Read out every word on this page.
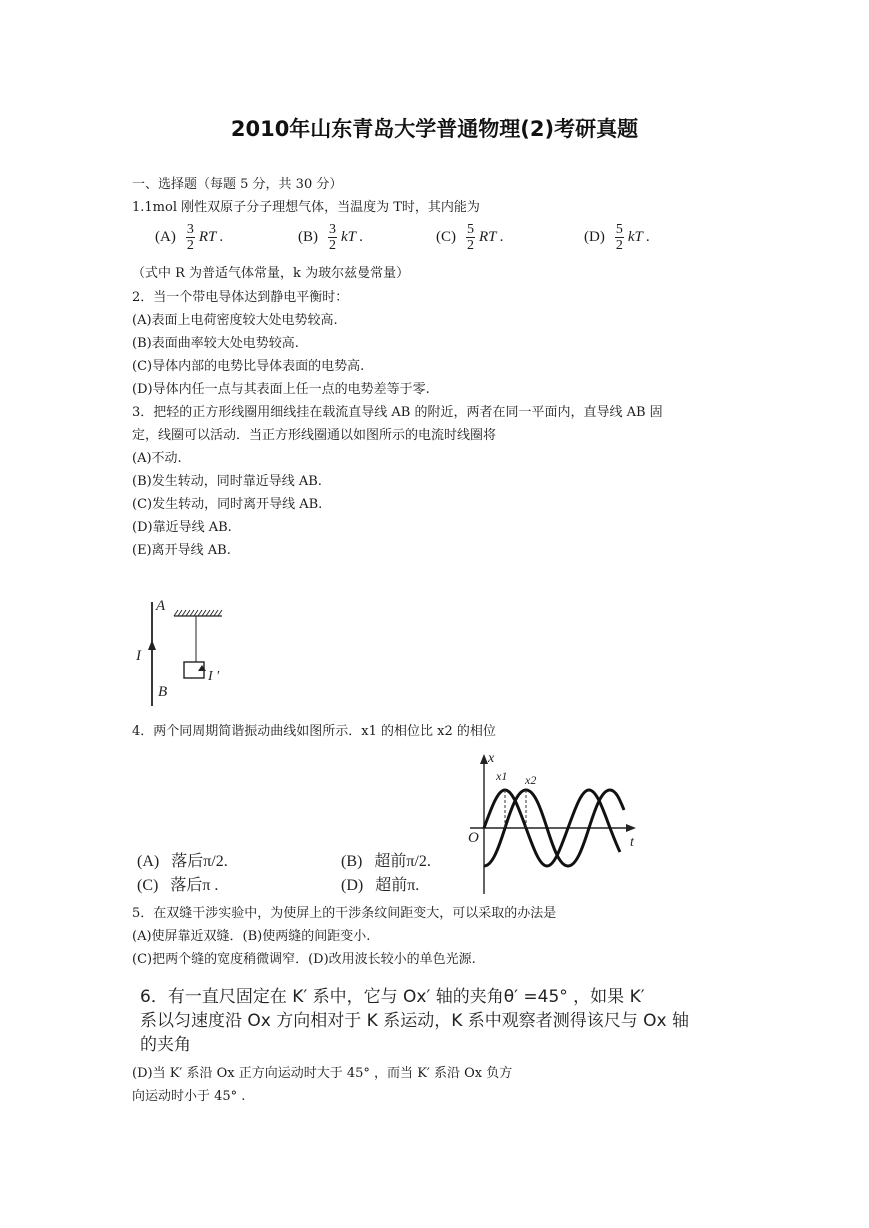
2010年山东青岛大学普通物理(2)考研真题
一、选择题（每题 5 分，共 30 分）
1.1mol 刚性双原子分子理想气体，当温度为 T时，其内能为
$(A) \frac{3}{2}$ RT .	$(B) \frac{3}{2}$ kT .	$(C) \frac{5}{2}$ RT .	$(D) \frac{5}{2}$ kT .
（式中 R 为普适气体常量，k 为玻尔兹曼常量）
2．当一个带电导体达到静电平衡时：
(A)表面上电荷密度较大处电势较高.
(B)表面曲率较大处电势较高.
(C)导体内部的电势比导体表面的电势高.
(D)导体内任一点与其表面上任一点的电势差等于零.
3．把轻的正方形线圈用细线挂在载流直导线 AB 的附近，两者在同一平面内，直导线 AB 固
定，线圈可以活动．当正方形线圈通以如图所示的电流时线圈将
(A)不动.
(B)发生转动，同时靠近导线 AB.
(C)发生转动，同时离开导线 AB.
(D)靠近导线 AB.
(E)离开导线 AB.
A
I
I ′
B
4．两个同周期简谐振动曲线如图所示．x1 的相位比 x2 的相位
(A) 落后π/2.	(B) 超前π/2.
(C) 落后π .	(D) 超前π.
x
t
O
x1 x2
5．在双缝干涉实验中，为使屏上的干涉条纹间距变大，可以采取的办法是
(A)使屏靠近双缝．(B)使两缝的间距变小.
(C)把两个缝的宽度稍微调窄．(D)改用波长较小的单色光源.
6．有一直尺固定在 K′ 系中，它与 Ox′ 轴的夹角θ′ =45° ，如果 K′
系以匀速度沿 Ox 方向相对于 K 系运动，K 系中观察者测得该尺与 Ox 轴
的夹角
(D)当 K′ 系沿 Ox 正方向运动时大于 45° ，而当 K′ 系沿 Ox 负方
向运动时小于 45° .
